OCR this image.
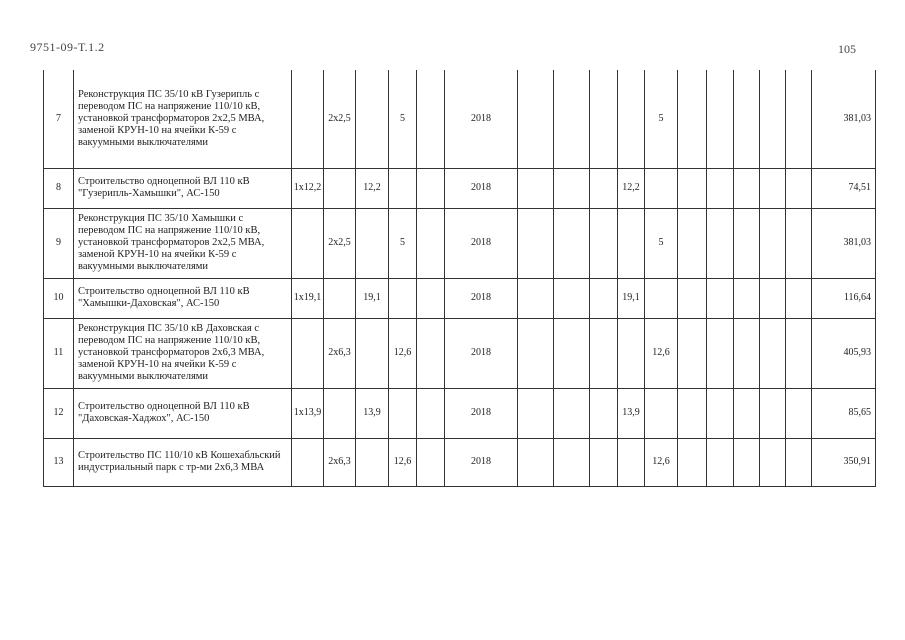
9751-09-Т.1.2	105
7	Реконструкция ПС 35/10 кВ Гузерипль с переводом ПС на напряжение 110/10 кВ, установкой трансформаторов 2х2,5 МВА, заменой КРУН-10 на ячейки К-59 с вакуумными выключателями		2х2,5		5		2018					5						381,03
8	Строительство одноцепной ВЛ 110 кВ "Гузерипль-Хамышки", АС-150	1х12,2		12,2			2018				12,2							74,51
9	Реконструкция ПС 35/10 Хамышки с переводом ПС на напряжение 110/10 кВ, установкой трансформаторов 2х2,5 МВА, заменой КРУН-10 на ячейки К-59 с вакуумными выключателями		2х2,5		5		2018					5						381,03
10	Строительство одноцепной ВЛ 110 кВ "Хамышки-Даховская", АС-150	1х19,1		19,1			2018				19,1							116,64
11	Реконструкция ПС 35/10 кВ Даховская с переводом ПС на напряжение 110/10 кВ, установкой трансформаторов 2х6,3 МВА, заменой КРУН-10 на ячейки К-59 с вакуумными выключателями		2х6,3		12,6		2018					12,6						405,93
12	Строительство одноцепной ВЛ 110 кВ "Даховская-Хаджох", АС-150	1х13,9		13,9			2018				13,9							85,65
13	Строительство ПС 110/10 кВ Кошехабльский индустриальный парк с тр-ми 2х6,3 МВА		2х6,3		12,6		2018					12,6						350,91
